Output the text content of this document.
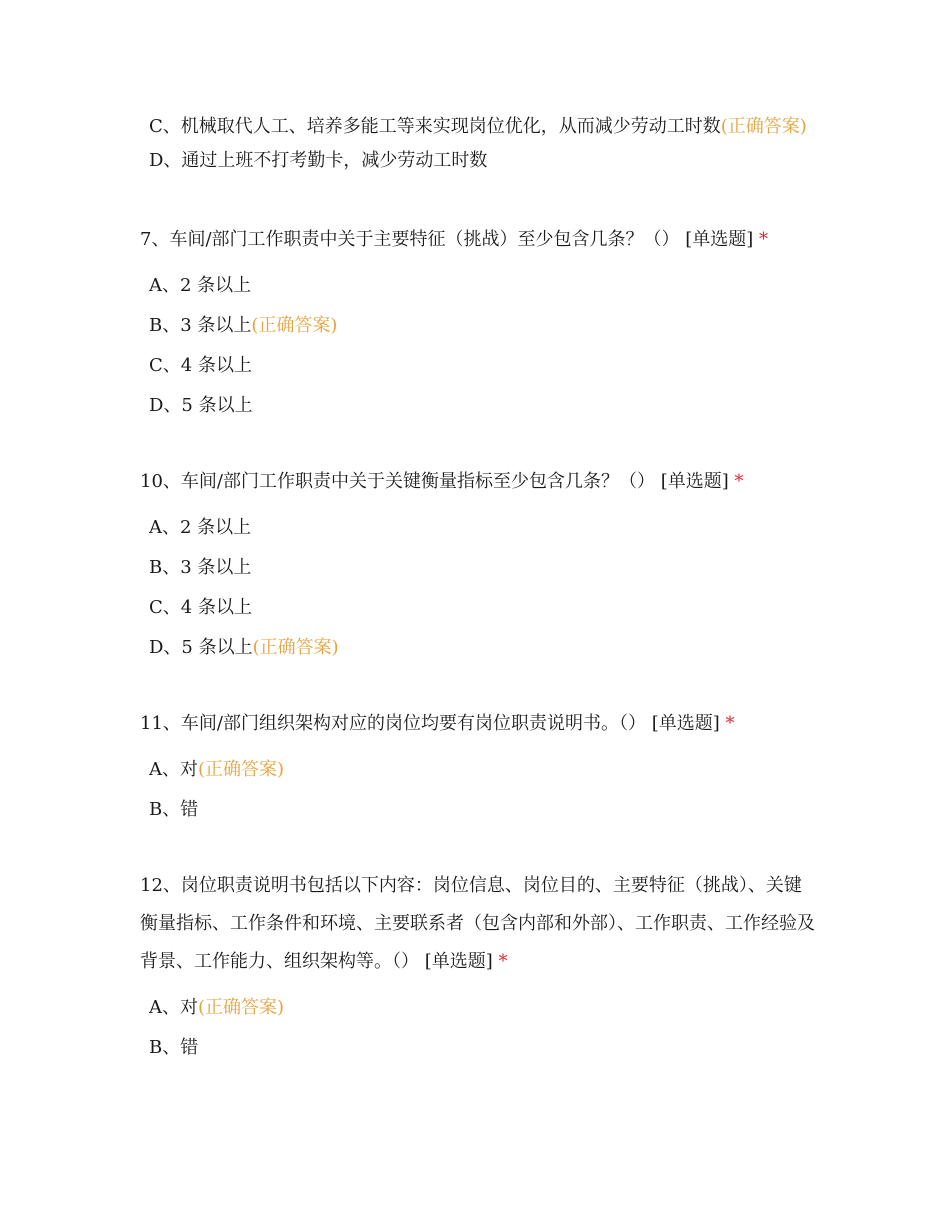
C、机械取代人工、培养多能工等来实现岗位优化，从而减少劳动工时数(正确答案)
D、通过上班不打考勤卡，减少劳动工时数
7、车间/部门工作职责中关于主要特征（挑战）至少包含几条？（） [单选题] *
A、2 条以上
B、3 条以上(正确答案)
C、4 条以上
D、5 条以上
10、车间/部门工作职责中关于关键衡量指标至少包含几条？（） [单选题] *
A、2 条以上
B、3 条以上
C、4 条以上
D、5 条以上(正确答案)
11、车间/部门组织架构对应的岗位均要有岗位职责说明书。（） [单选题] *
A、对(正确答案)
B、错
12、岗位职责说明书包括以下内容：岗位信息、岗位目的、主要特征（挑战）、关键衡量指标、工作条件和环境、主要联系者（包含内部和外部）、工作职责、工作经验及背景、工作能力、组织架构等。（） [单选题] *
A、对(正确答案)
B、错
